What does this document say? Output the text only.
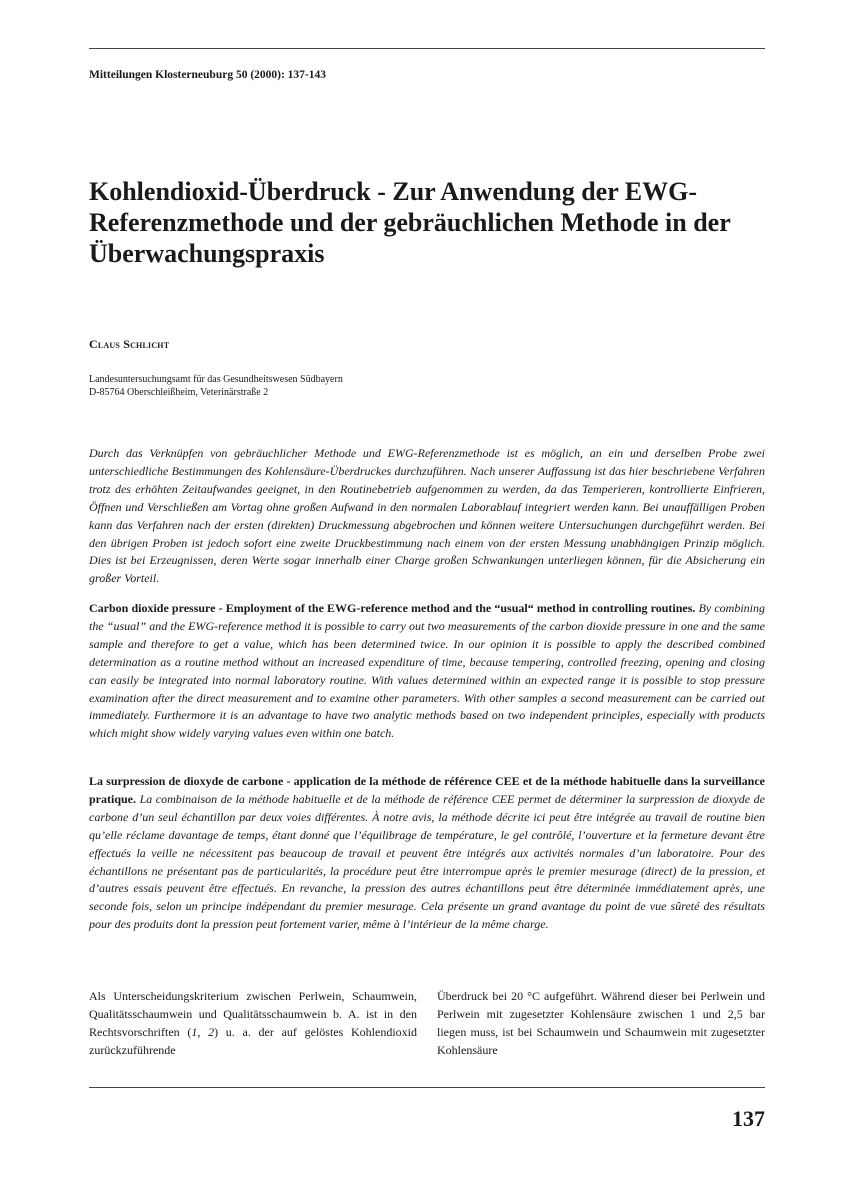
Mitteilungen Klosterneuburg 50 (2000): 137-143
Kohlendioxid-Überdruck - Zur Anwendung der EWG-Referenzmethode und der gebräuchlichen Methode in der Überwachungspraxis
Claus Schlicht
Landesuntersuchungsamt für das Gesundheitswesen Südbayern
D-85764 Oberschleißheim, Veterinärstraße 2

Durch das Verknüpfen von gebräuchlicher Methode und EWG-Referenzmethode ist es möglich, an ein und derselben Probe zwei unterschiedliche Bestimmungen des Kohlensäure-Überdruckes durchzuführen. Nach unserer Auffassung ist das hier beschriebene Verfahren trotz des erhöhten Zeitaufwandes geeignet, in den Routinebetrieb aufgenommen zu werden, da das Temperieren, kontrollierte Einfrieren, Öffnen und Verschließen am Vortag ohne großen Aufwand in den normalen Laborablauf integriert werden kann. Bei unauffälligen Proben kann das Verfahren nach der ersten (direkten) Druckmessung abgebrochen und können weitere Untersuchungen durchgeführt werden. Bei den übrigen Proben ist jedoch sofort eine zweite Druckbestimmung nach einem von der ersten Messung unabhängigen Prinzip möglich. Dies ist bei Erzeugnissen, deren Werte sogar innerhalb einer Charge großen Schwankungen unterliegen können, für die Absicherung ein großer Vorteil.

Carbon dioxide pressure - Employment of the EWG-reference method and the “usual“ method in controlling routines. By combining the “usual” and the EWG-reference method it is possible to carry out two measurements of the carbon dioxide pressure in one and the same sample and therefore to get a value, which has been determined twice. In our opinion it is possible to apply the described combined determination as a routine method without an increased expenditure of time, because tempering, controlled freezing, opening and closing can easily be integrated into normal laboratory routine. With values determined within an expected range it is possible to stop pressure examination after the direct measurement and to examine other parameters. With other samples a second measurement can be carried out immediately. Furthermore it is an advantage to have two analytic methods based on two independent principles, especially with products which might show widely varying values even within one batch.

La surpression de dioxyde de carbone - application de la méthode de référence CEE et de la méthode habituelle dans la surveillance pratique. La combinaison de la méthode habituelle et de la méthode de référence CEE permet de déterminer la surpression de dioxyde de carbone d’un seul échantillon par deux voies différentes. À notre avis, la méthode décrite ici peut être intégrée au travail de routine bien qu’elle réclame davantage de temps, étant donné que l’équilibrage de température, le gel contrôlé, l’ouverture et la fermeture devant être effectués la veille ne nécessitent pas beaucoup de travail et peuvent être intégrés aux activités normales d’un laboratoire. Pour des échantillons ne présentant pas de particularités, la procédure peut être interrompue après le premier mesurage (direct) de la pression, et d’autres essais peuvent être effectués. En revanche, la pression des autres échantillons peut être déterminée immédiatement après, une seconde fois, selon un principe indépendant du premier mesurage. Cela présente un grand avantage du point de vue sûreté des résultats pour des produits dont la pression peut fortement varier, même à l’intérieur de la même charge.

Als Unterscheidungskriterium zwischen Perlwein, Schaumwein, Qualitätsschaumwein und Qualitätsschaumwein b. A. ist in den Rechtsvorschriften (1, 2) u. a. der auf gelöstes Kohlendioxid zurückzuführende

Überdruck bei 20 °C aufgeführt. Während dieser bei Perlwein und Perlwein mit zugesetzter Kohlensäure zwischen 1 und 2,5 bar liegen muss, ist bei Schaumwein und Schaumwein mit zugesetzter Kohlensäure

137
